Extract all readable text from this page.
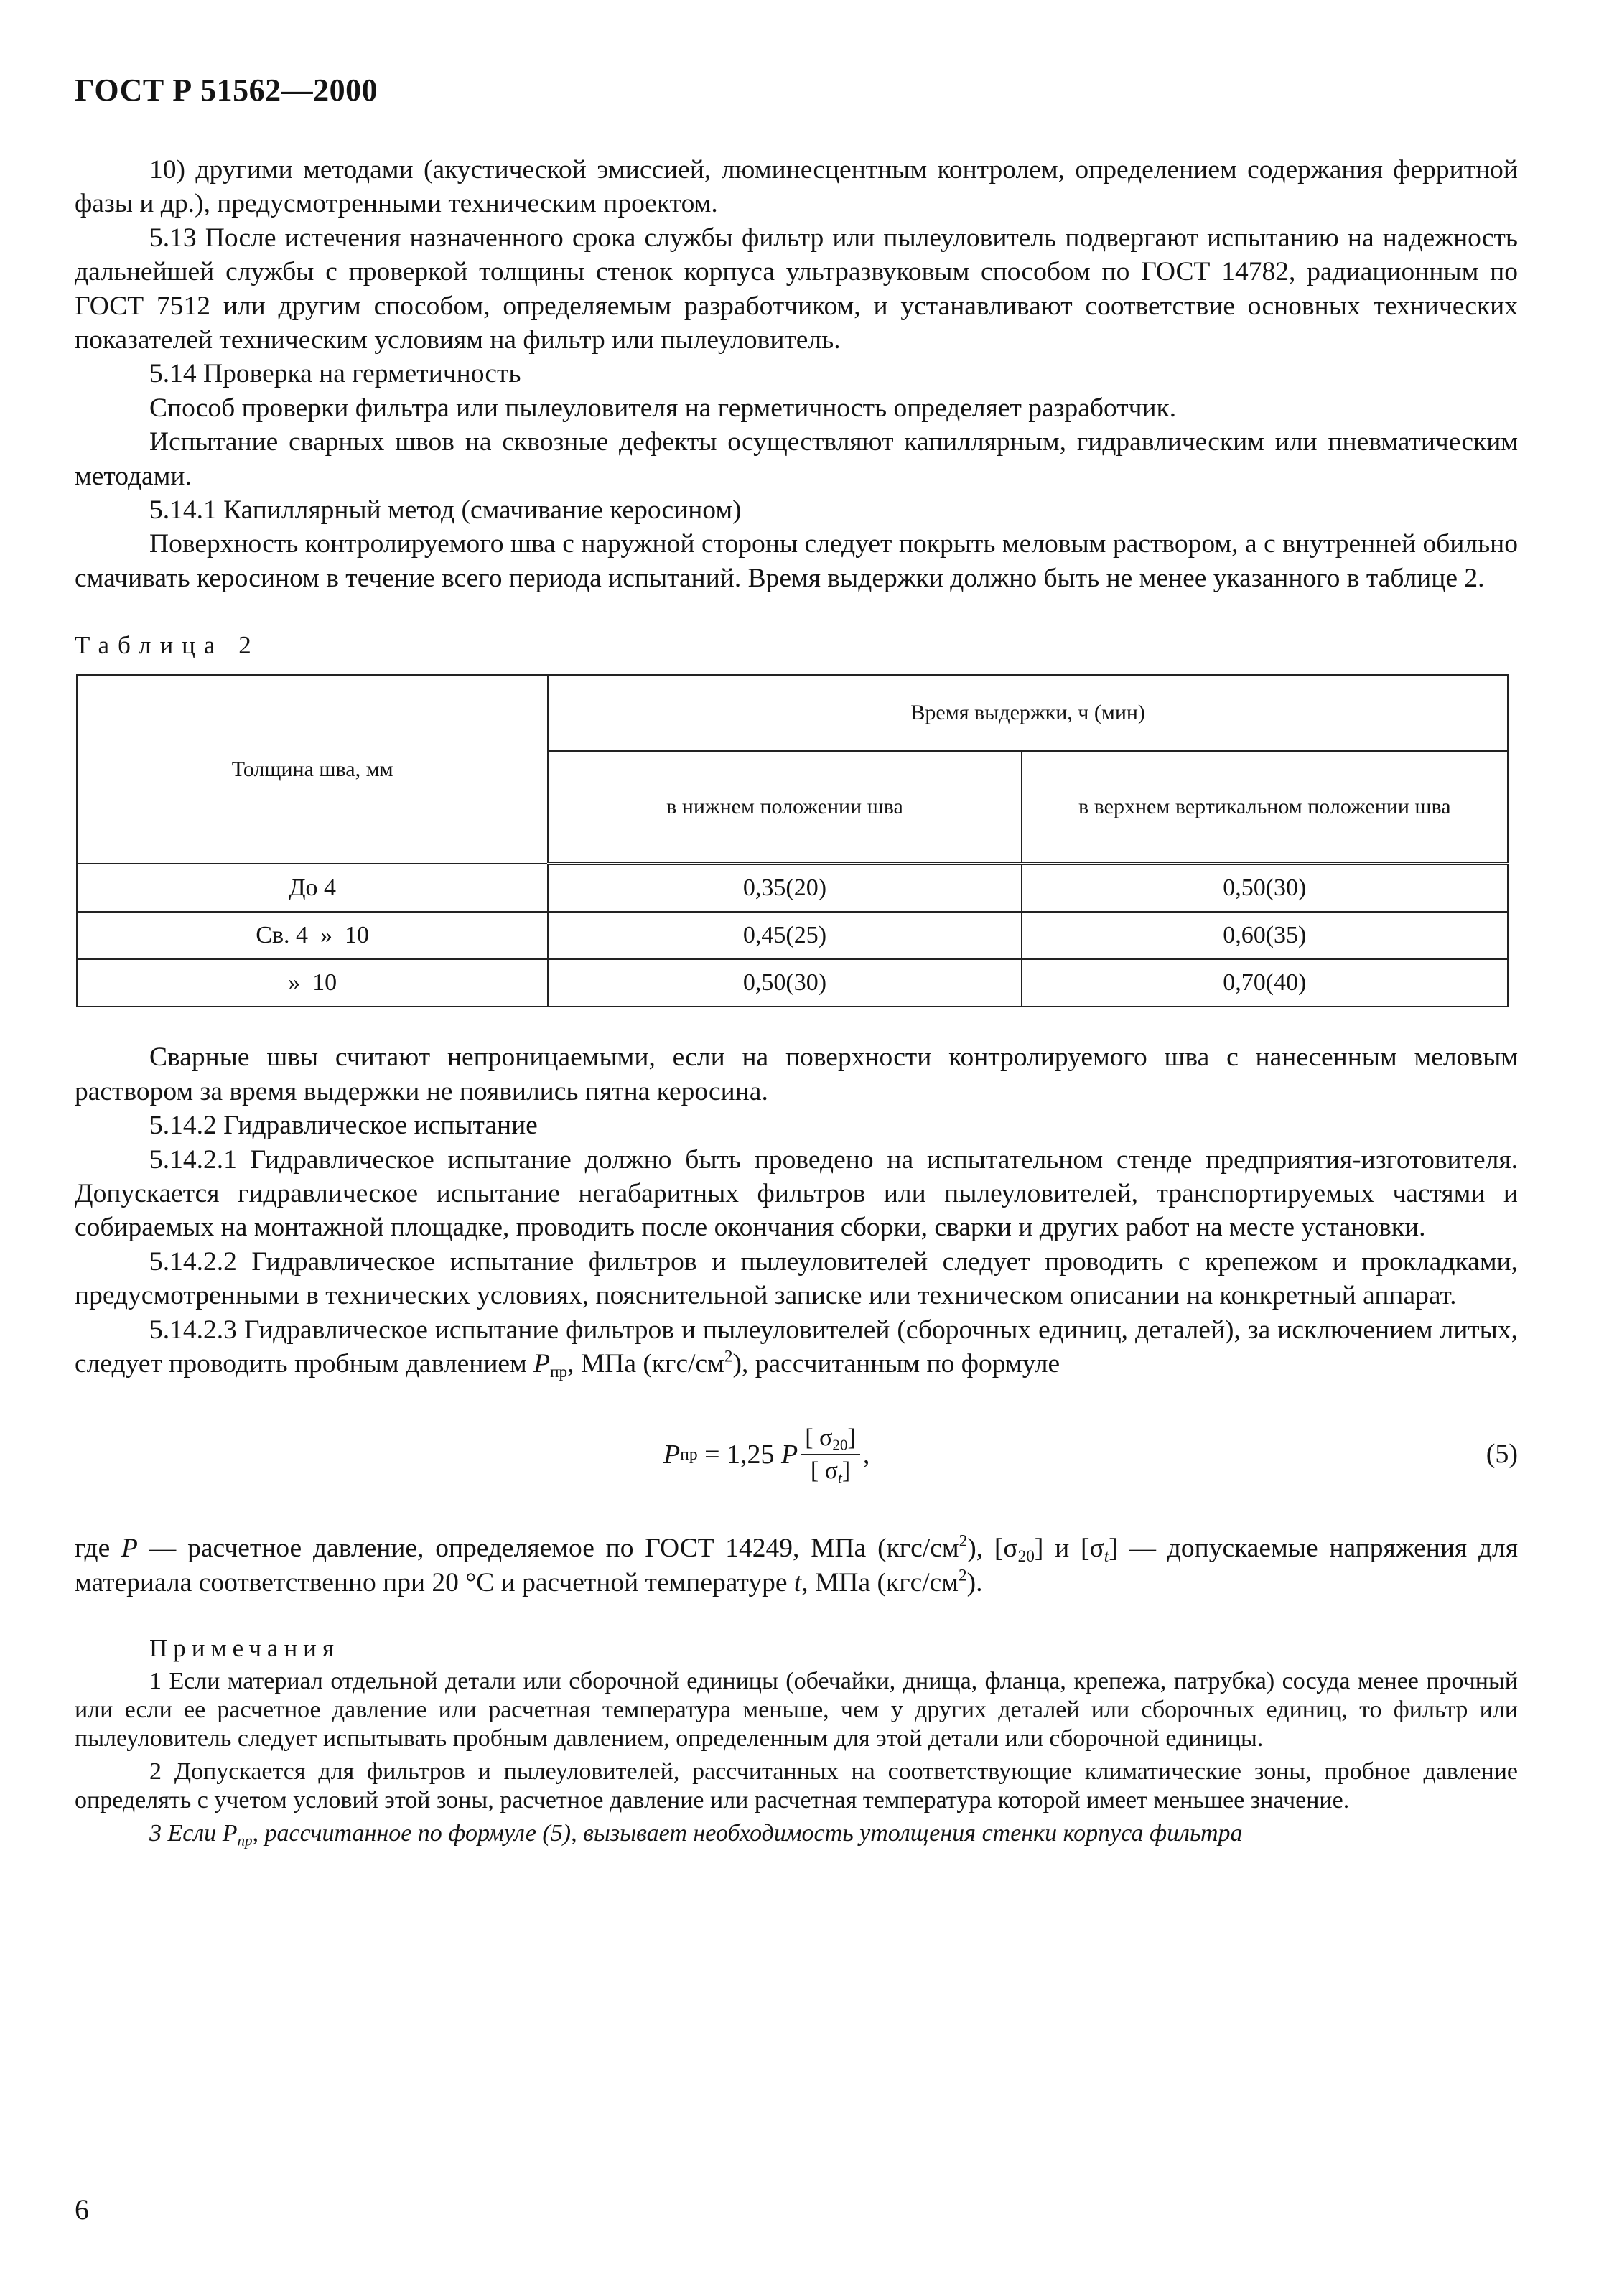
ГОСТ Р 51562—2000

10) другими методами (акустической эмиссией, люминесцентным контролем, определением содержания ферритной фазы и др.), предусмотренными техническим проектом.

5.13 После истечения назначенного срока службы фильтр или пылеуловитель подвергают испытанию на надежность дальнейшей службы с проверкой толщины стенок корпуса ультразвуковым способом по ГОСТ 14782, радиационным по ГОСТ 7512 или другим способом, определяемым разработчиком, и устанавливают соответствие основных технических показателей техническим условиям на фильтр или пылеуловитель.

5.14 Проверка на герметичность

Способ проверки фильтра или пылеуловителя на герметичность определяет разработчик.

Испытание сварных швов на сквозные дефекты осуществляют капиллярным, гидравлическим или пневматическим методами.

5.14.1 Капиллярный метод (смачивание керосином)

Поверхность контролируемого шва с наружной стороны следует покрыть меловым раствором, а с внутренней обильно смачивать керосином в течение всего периода испытаний. Время выдержки должно быть не менее указанного в таблице 2.

Таблица 2
Толщина шва, мм	Время выдержки, ч (мин)	
	в нижнем положении шва	в верхнем вертикальном положении шва
До 4	0,35(20)	0,50(30)
Св. 4  »  10	0,45(25)	0,60(35)
»  10	0,50(30)	0,70(40)

Сварные швы считают непроницаемыми, если на поверхности контролируемого шва с нанесенным меловым раствором за время выдержки не появились пятна керосина.

5.14.2 Гидравлическое испытание

5.14.2.1 Гидравлическое испытание должно быть проведено на испытательном стенде предприятия-изготовителя. Допускается гидравлическое испытание негабаритных фильтров или пылеуловителей, транспортируемых частями и собираемых на монтажной площадке, проводить после окончания сборки, сварки и других работ на месте установки.

5.14.2.2 Гидравлическое испытание фильтров и пылеуловителей следует проводить с крепежом и прокладками, предусмотренными в технических условиях, пояснительной записке или техническом описании на конкретный аппарат.

5.14.2.3 Гидравлическое испытание фильтров и пылеуловителей (сборочных единиц, деталей), за исключением литых, следует проводить пробным давлением $P_{пр}$, МПа $(кгс/см^2)$, рассчитанным по формуле

P пр = 1,25 P $\frac{[ \sigma_{20}]}{[ \sigma_t]}$ ,	(5)

где P — расчетное давление, определяемое по ГОСТ 14249, МПа $(кгс/см^2)$, $[\sigma_{20}]$ и $[\sigma_t]$ — допускаемые напряжения для материала соответственно при 20 °С и расчетной температуре t, МПа $(кгс/см^2)$.

Примечания

1 Если материал отдельной детали или сборочной единицы (обечайки, днища, фланца, крепежа, патрубка) сосуда менее прочный или если ее расчетное давление или расчетная температура меньше, чем у других деталей или сборочных единиц, то фильтр или пылеуловитель следует испытывать пробным давлением, определенным для этой детали или сборочной единицы.

2 Допускается для фильтров и пылеуловителей, рассчитанных на соответствующие климатические зоны, пробное давление определять с учетом условий этой зоны, расчетное давление или расчетная температура которой имеет меньшее значение.

3 Если $P_{пр}$, рассчитанное по формуле (5), вызывает необходимость утолщения стенки корпуса фильтра

6
